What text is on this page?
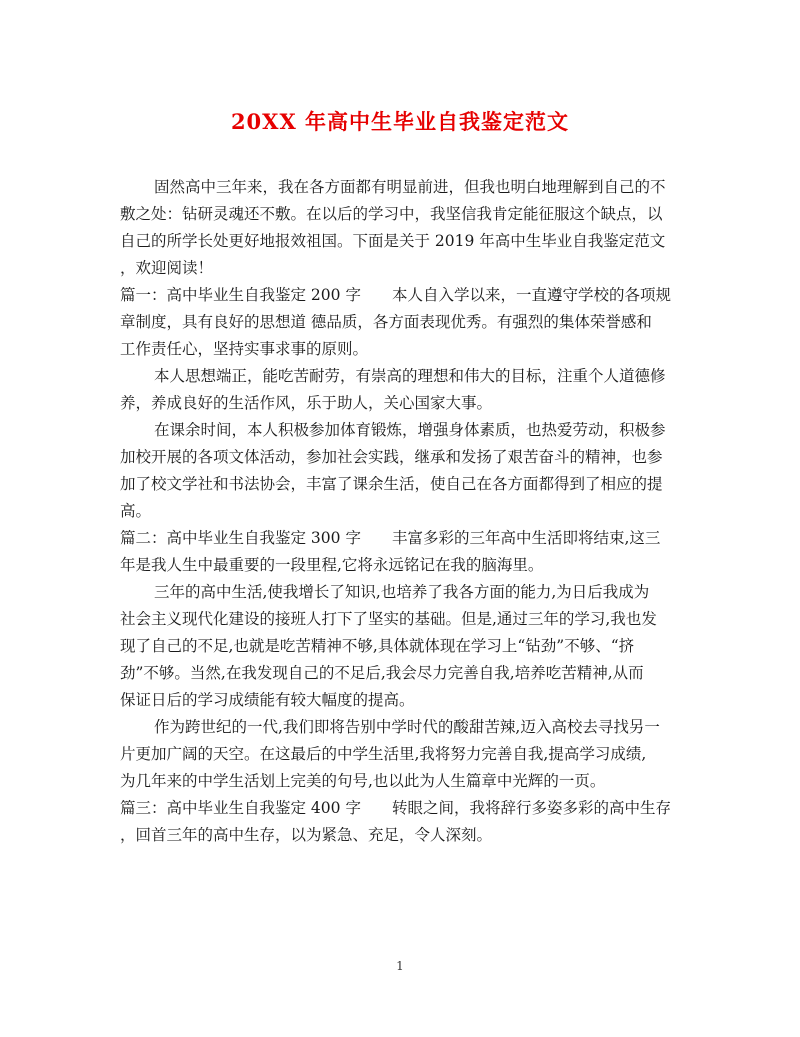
20XX 年高中生毕业自我鉴定范文
固然高中三年来，我在各方面都有明显前进，但我也明白地理解到自己的不
敷之处：钻研灵魂还不敷。在以后的学习中，我坚信我肯定能征服这个缺点，以
自己的所学长处更好地报效祖国。下面是关于 2019 年高中生毕业自我鉴定范文
，欢迎阅读！
篇一：高中毕业生自我鉴定 200 字　　本人自入学以来，一直遵守学校的各项规
章制度，具有良好的思想道 德品质，各方面表现优秀。有强烈的集体荣誉感和
工作责任心，坚持实事求事的原则。
本人思想端正，能吃苦耐劳，有崇高的理想和伟大的目标，注重个人道德修
养，养成良好的生活作风，乐于助人，关心国家大事。
在课余时间，本人积极参加体育锻炼，增强身体素质，也热爱劳动，积极参
加校开展的各项文体活动，参加社会实践，继承和发扬了艰苦奋斗的精神，也参
加了校文学社和书法协会，丰富了课余生活，使自己在各方面都得到了相应的提
高。
篇二：高中毕业生自我鉴定 300 字　　丰富多彩的三年高中生活即将结束,这三
年是我人生中最重要的一段里程,它将永远铭记在我的脑海里。
三年的高中生活,使我增长了知识,也培养了我各方面的能力,为日后我成为
社会主义现代化建设的接班人打下了坚实的基础。但是,通过三年的学习,我也发
现了自己的不足,也就是吃苦精神不够,具体就体现在学习上“钻劲”不够、“挤
劲”不够。当然,在我发现自己的不足后,我会尽力完善自我,培养吃苦精神,从而
保证日后的学习成绩能有较大幅度的提高。
作为跨世纪的一代,我们即将告别中学时代的酸甜苦辣,迈入高校去寻找另一
片更加广阔的天空。在这最后的中学生活里,我将努力完善自我,提高学习成绩,
为几年来的中学生活划上完美的句号,也以此为人生篇章中光辉的一页。
篇三：高中毕业生自我鉴定 400 字　　转眼之间，我将辞行多姿多彩的高中生存
，回首三年的高中生存，以为紧急、充足，令人深刻。
1
